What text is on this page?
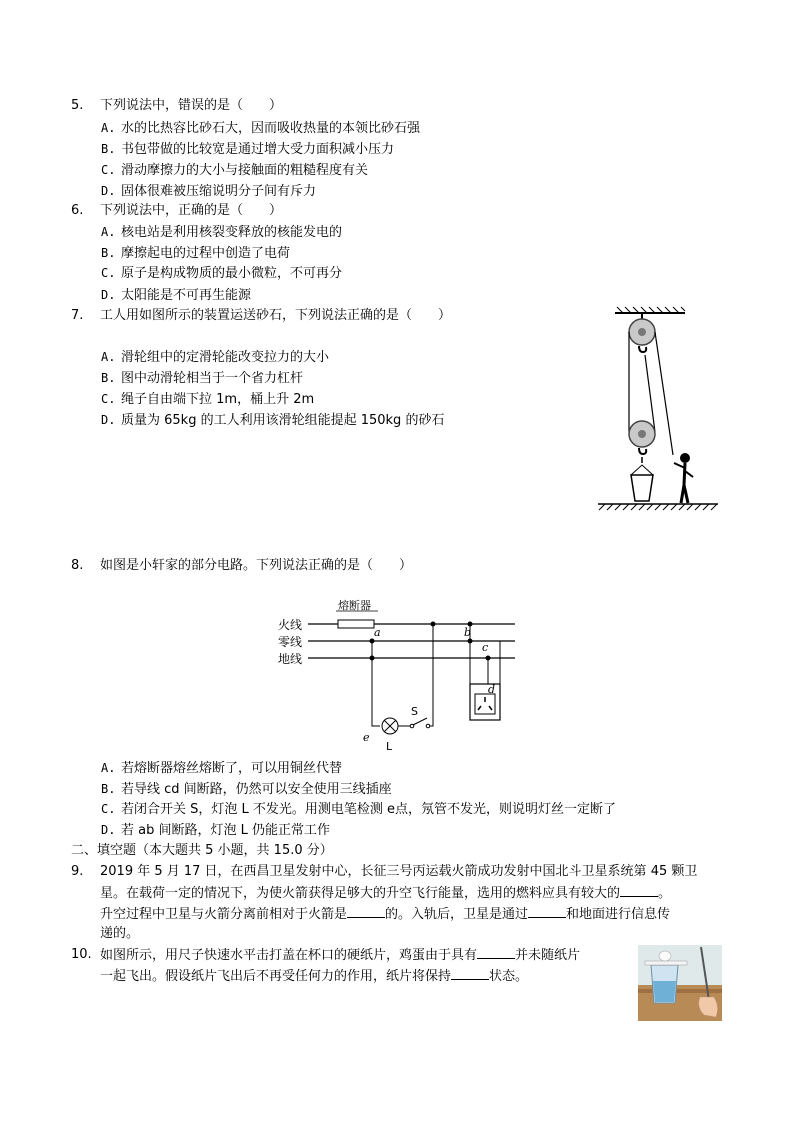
5. 下列说法中，错误的是（　　）
A. 水的比热容比砂石大，因而吸收热量的本领比砂石强
B. 书包带做的比较宽是通过增大受力面积减小压力
C. 滑动摩擦力的大小与接触面的粗糙程度有关
D. 固体很难被压缩说明分子间有斥力
6. 下列说法中，正确的是（　　）
A. 核电站是利用核裂变释放的核能发电的
B. 摩擦起电的过程中创造了电荷
C. 原子是构成物质的最小微粒，不可再分
D. 太阳能是不可再生能源
7. 工人用如图所示的装置运送砂石，下列说法正确的是（　　）
A. 滑轮组中的定滑轮能改变拉力的大小
B. 图中动滑轮相当于一个省力杠杆
C. 绳子自由端下拉 1m，桶上升 2m
D. 质量为 65kg 的工人利用该滑轮组能提起 150kg 的砂石
8. 如图是小轩家的部分电路。下列说法正确的是（　　）
火线
零线
地线
熔断器
a	b
c
d
e
S
L
A. 若熔断器熔丝熔断了，可以用铜丝代替
B. 若导线 cd 间断路，仍然可以安全使用三线插座
C. 若闭合开关 S，灯泡 L 不发光。用测电笔检测 e点，氖管不发光，则说明灯丝一定断了
D. 若 ab 间断路，灯泡 L 仍能正常工作
二、填空题（本大题共 5 小题，共 15.0 分）
9. 2019 年 5 月 17 日，在西昌卫星发射中心，长征三号丙运载火箭成功发射中国北斗卫星系统第 45 颗卫
星。在载荷一定的情况下，为使火箭获得足够大的升空飞行能量，选用的燃料应具有较大的	。
升空过程中卫星与火箭分离前相对于火箭是	的。入轨后，卫星是通过	和地面进行信息传
递的。
10. 如图所示，用尺子快速水平击打盖在杯口的硬纸片，鸡蛋由于具有	并未随纸片
一起飞出。假设纸片飞出后不再受任何力的作用，纸片将保持	状态。
